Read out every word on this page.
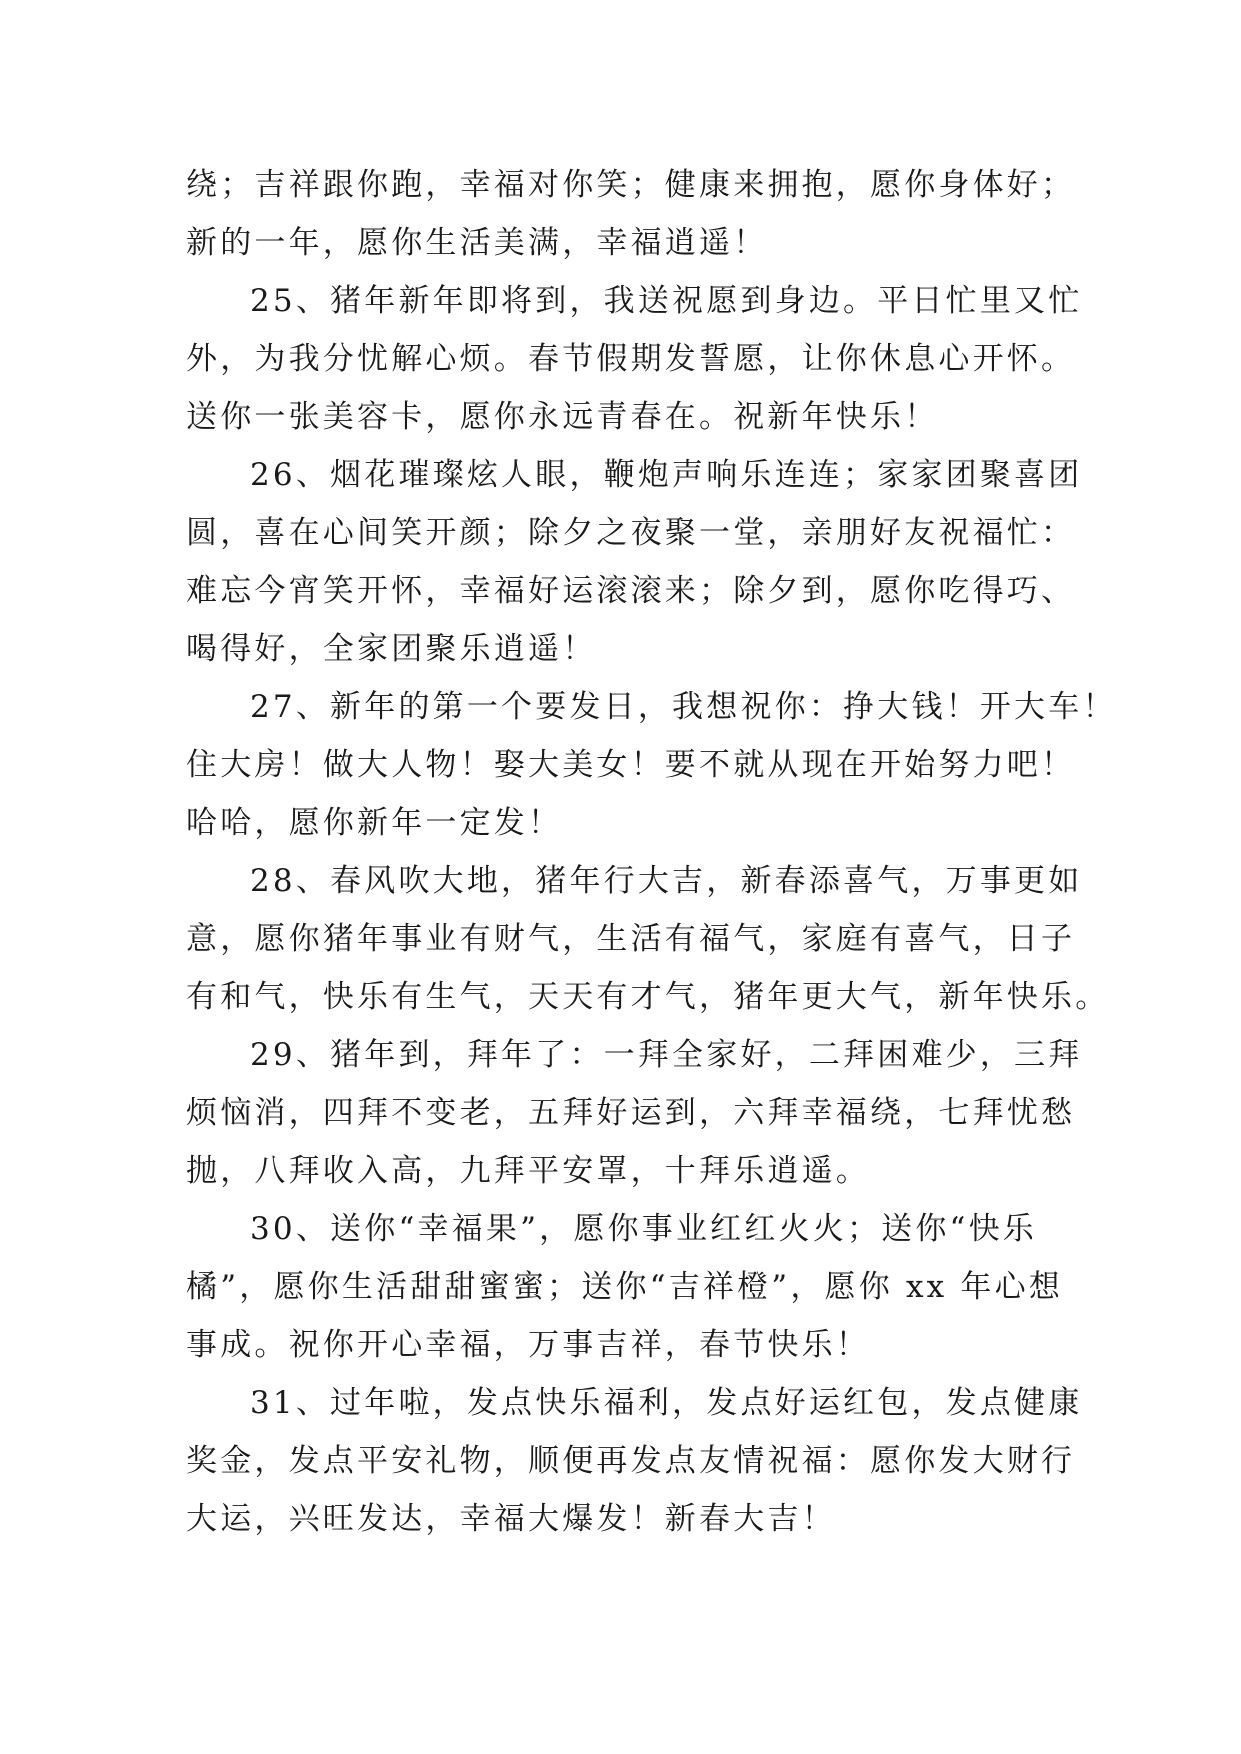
绕；吉祥跟你跑，幸福对你笑；健康来拥抱，愿你身体好；
新的一年，愿你生活美满，幸福逍遥！
25、猪年新年即将到，我送祝愿到身边。平日忙里又忙
外，为我分忧解心烦。春节假期发誓愿，让你休息心开怀。
送你一张美容卡，愿你永远青春在。祝新年快乐！
26、烟花璀璨炫人眼，鞭炮声响乐连连；家家团聚喜团
圆，喜在心间笑开颜；除夕之夜聚一堂，亲朋好友祝福忙：
难忘今宵笑开怀，幸福好运滚滚来；除夕到，愿你吃得巧、
喝得好，全家团聚乐逍遥！
27、新年的第一个要发日，我想祝你：挣大钱！开大车！
住大房！做大人物！娶大美女！要不就从现在开始努力吧！
哈哈，愿你新年一定发！
28、春风吹大地，猪年行大吉，新春添喜气，万事更如
意，愿你猪年事业有财气，生活有福气，家庭有喜气，日子
有和气，快乐有生气，天天有才气，猪年更大气，新年快乐。
29、猪年到，拜年了：一拜全家好，二拜困难少，三拜
烦恼消，四拜不变老，五拜好运到，六拜幸福绕，七拜忧愁
抛，八拜收入高，九拜平安罩，十拜乐逍遥。
30、送你“幸福果”，愿你事业红红火火；送你“快乐
橘”，愿你生活甜甜蜜蜜；送你“吉祥橙”，愿你 xx 年心想
事成。祝你开心幸福，万事吉祥，春节快乐！
31、过年啦，发点快乐福利，发点好运红包，发点健康
奖金，发点平安礼物，顺便再发点友情祝福：愿你发大财行
大运，兴旺发达，幸福大爆发！新春大吉！
